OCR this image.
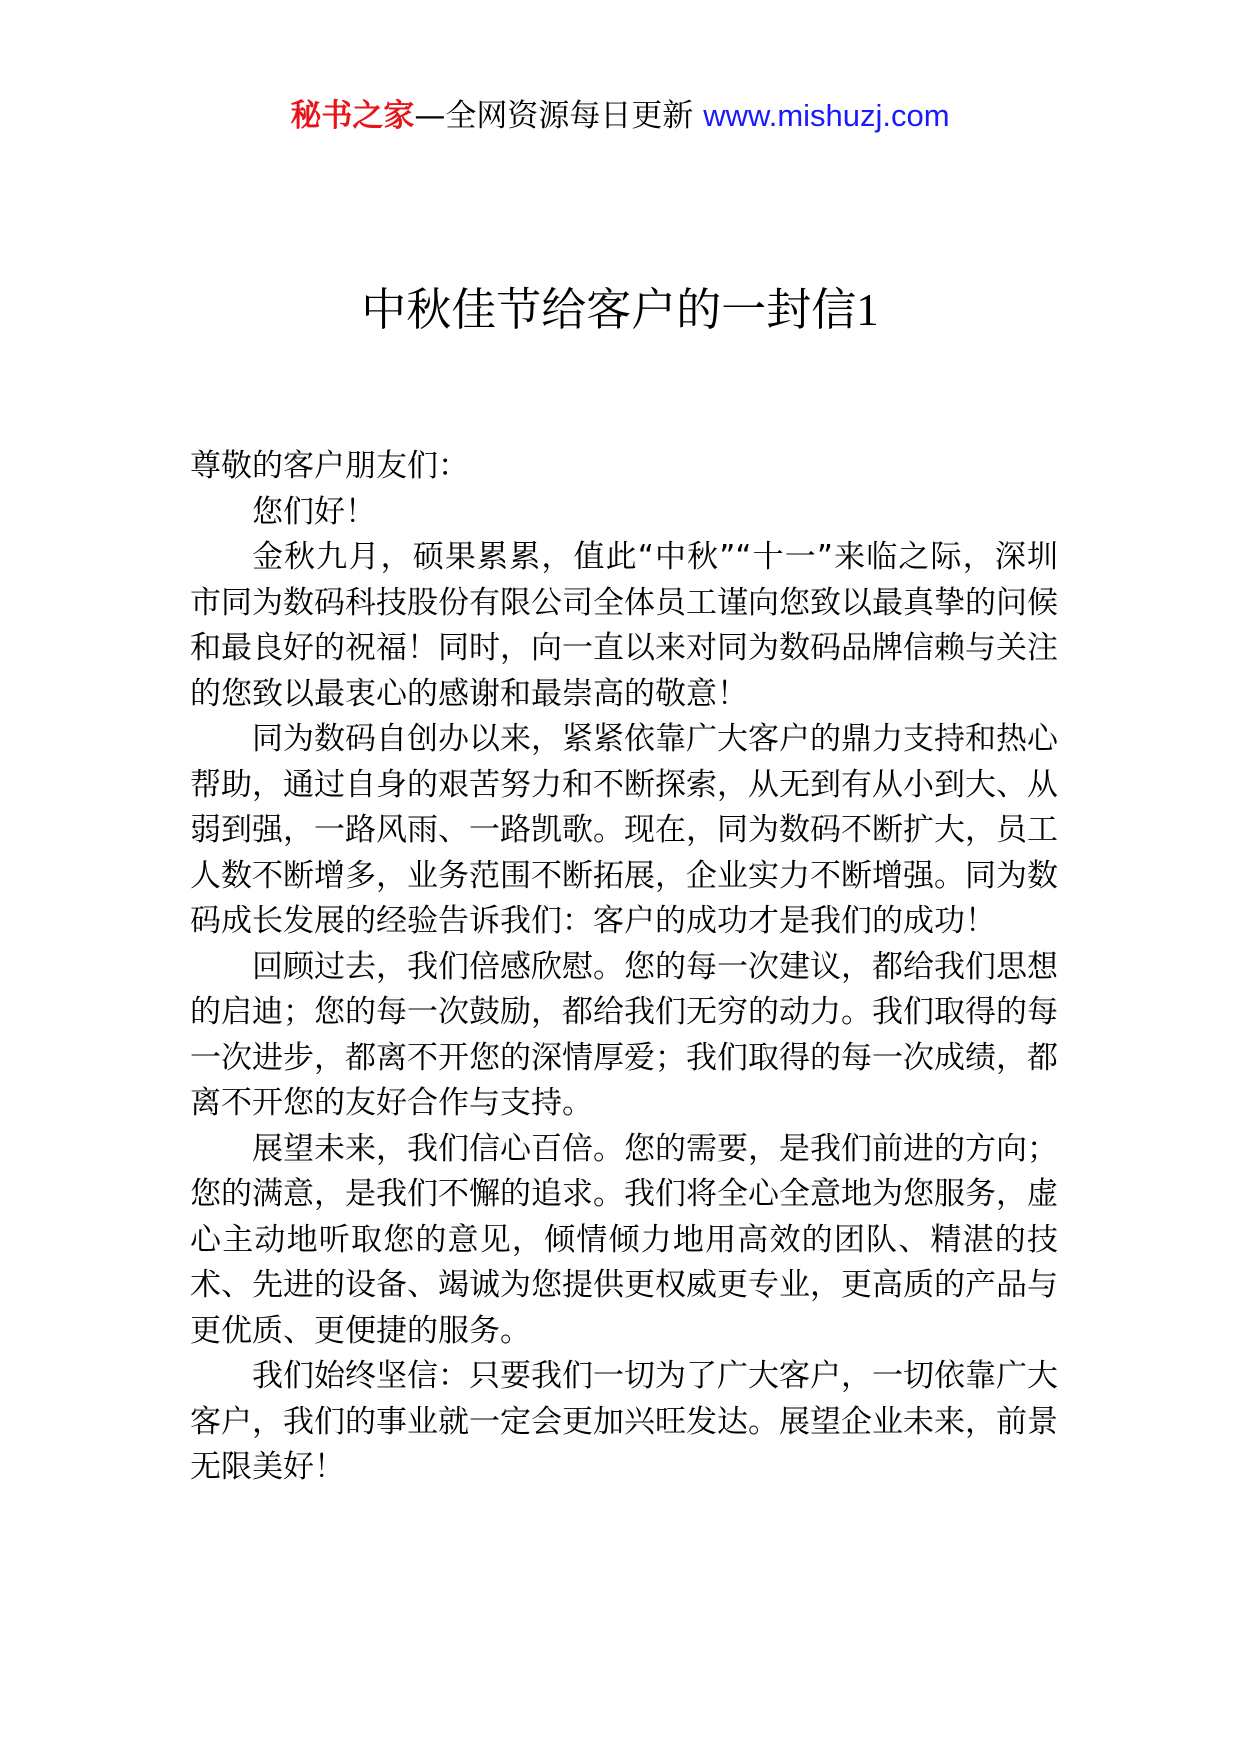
秘书之家—全网资源每日更新 www.mishuzj.com
中秋佳节给客户的一封信1

尊敬的客户朋友们：

您们好！

金秋九月，硕果累累，值此“中秋”“十一”来临之际，深圳市同为数码科技股份有限公司全体员工谨向您致以最真挚的问候和最良好的祝福！同时，向一直以来对同为数码品牌信赖与关注的您致以最衷心的感谢和最崇高的敬意！

同为数码自创办以来，紧紧依靠广大客户的鼎力支持和热心帮助，通过自身的艰苦努力和不断探索，从无到有从小到大、从弱到强，一路风雨、一路凯歌。现在，同为数码不断扩大，员工人数不断增多，业务范围不断拓展，企业实力不断增强。同为数码成长发展的经验告诉我们：客户的成功才是我们的成功！

回顾过去，我们倍感欣慰。您的每一次建议，都给我们思想的启迪；您的每一次鼓励，都给我们无穷的动力。我们取得的每一次进步，都离不开您的深情厚爱；我们取得的每一次成绩，都离不开您的友好合作与支持。

展望未来，我们信心百倍。您的需要，是我们前进的方向；您的满意，是我们不懈的追求。我们将全心全意地为您服务，虚心主动地听取您的意见，倾情倾力地用高效的团队、精湛的技术、先进的设备、竭诚为您提供更权威更专业，更高质的产品与更优质、更便捷的服务。

我们始终坚信：只要我们一切为了广大客户，一切依靠广大客户，我们的事业就一定会更加兴旺发达。展望企业未来，前景无限美好！
